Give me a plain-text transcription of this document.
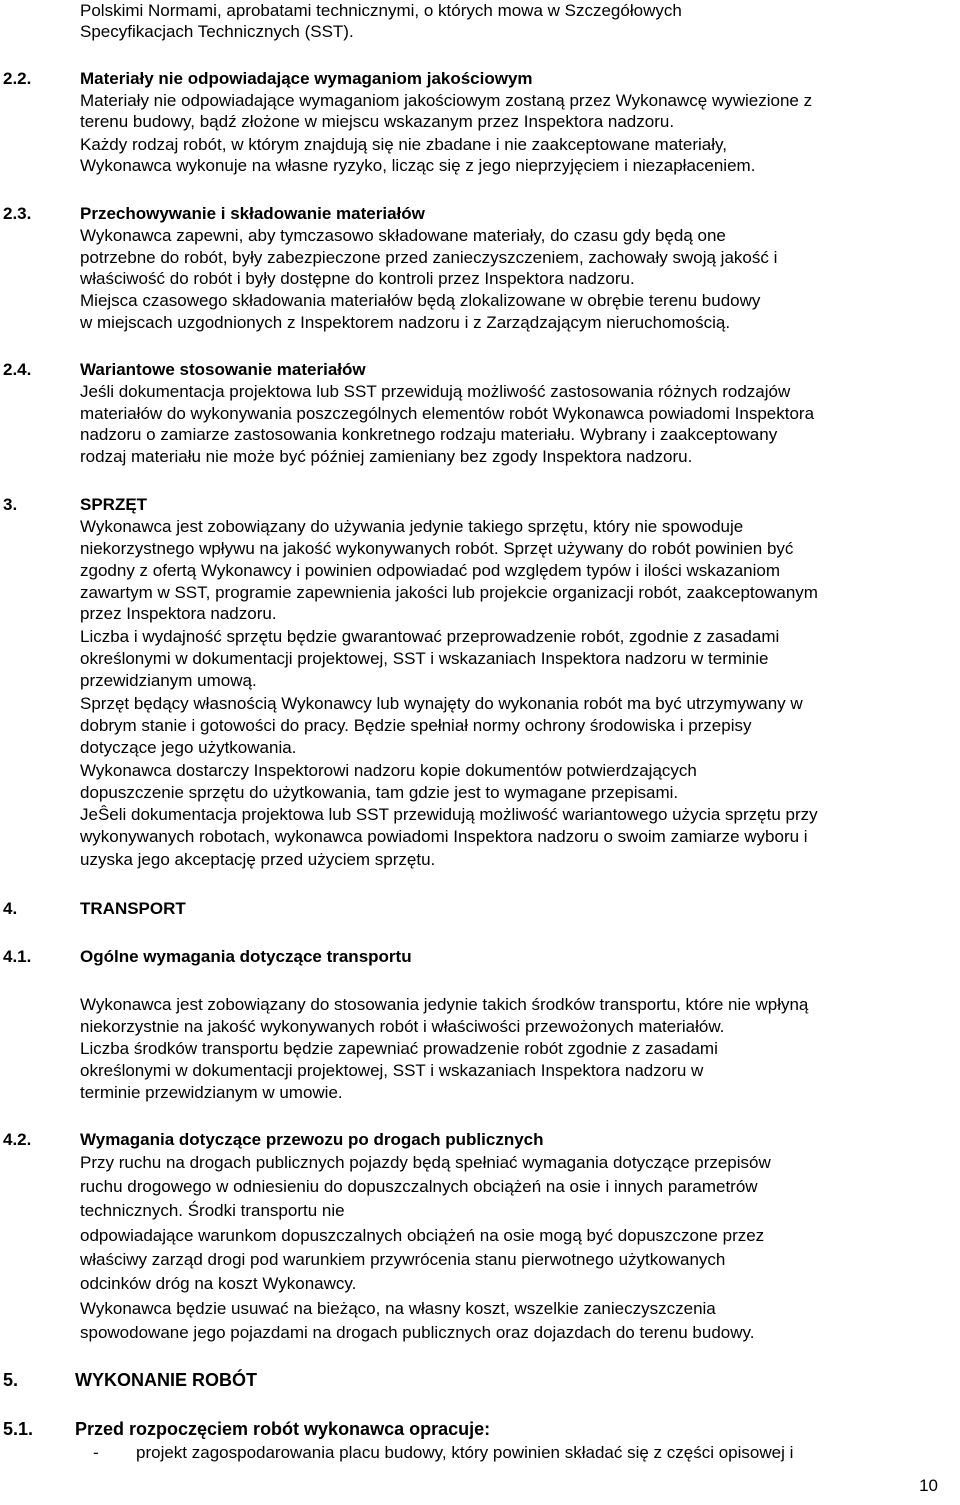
Polskimi Normami, aprobatami technicznymi, o których mowa w Szczegółowych
Specyfikacjach Technicznych (SST).
2.2.	Materiały nie odpowiadające wymaganiom jakościowym
Materiały nie odpowiadające wymaganiom jakościowym zostaną przez Wykonawcę wywiezione z
terenu budowy, bądź złożone w miejscu wskazanym przez Inspektora nadzoru.
Każdy rodzaj robót, w którym znajdują się nie zbadane i nie zaakceptowane materiały,
Wykonawca wykonuje na własne ryzyko, licząc się z jego nieprzyjęciem i niezapłaceniem.
2.3.	Przechowywanie i składowanie materiałów
Wykonawca zapewni, aby tymczasowo składowane materiały, do czasu gdy będą one
potrzebne do robót, były zabezpieczone przed zanieczyszczeniem, zachowały swoją jakość i
właściwość do robót i były dostępne do kontroli przez Inspektora nadzoru.
Miejsca czasowego składowania materiałów będą zlokalizowane w obrębie terenu budowy
w miejscach uzgodnionych z Inspektorem nadzoru i z Zarządzającym nieruchomością.
2.4.	Wariantowe stosowanie materiałów
Jeśli dokumentacja projektowa lub SST przewidują możliwość zastosowania różnych rodzajów
materiałów do wykonywania poszczególnych elementów robót Wykonawca powiadomi Inspektora
nadzoru o zamiarze zastosowania konkretnego rodzaju materiału. Wybrany i zaakceptowany
rodzaj materiału nie może być później zamieniany bez zgody Inspektora nadzoru.
3.	SPRZĘT
Wykonawca jest zobowiązany do używania jedynie takiego sprzętu, który nie spowoduje
niekorzystnego wpływu na jakość wykonywanych robót. Sprzęt używany do robót powinien być
zgodny z ofertą Wykonawcy i powinien odpowiadać pod względem typów i ilości wskazaniom
zawartym w SST, programie zapewnienia jakości lub projekcie organizacji robót, zaakceptowanym
przez Inspektora nadzoru.
Liczba i wydajność sprzętu będzie gwarantować przeprowadzenie robót, zgodnie z zasadami
określonymi w dokumentacji projektowej, SST i wskazaniach Inspektora nadzoru w terminie
przewidzianym umową.
Sprzęt będący własnością Wykonawcy lub wynajęty do wykonania robót ma być utrzymywany w
dobrym stanie i gotowości do pracy. Będzie spełniał normy ochrony środowiska i przepisy
dotyczące jego użytkowania.
Wykonawca dostarczy Inspektorowi nadzoru kopie dokumentów potwierdzających
dopuszczenie sprzętu do użytkowania, tam gdzie jest to wymagane przepisami.
JeŜeli dokumentacja projektowa lub SST przewidują możliwość wariantowego użycia sprzętu przy
wykonywanych robotach, wykonawca powiadomi Inspektora nadzoru o swoim zamiarze wyboru i
uzyska jego akceptację przed użyciem sprzętu.
4.	TRANSPORT
4.1.	Ogólne wymagania dotyczące transportu
Wykonawca jest zobowiązany do stosowania jedynie takich środków transportu, które nie wpłyną
niekorzystnie na jakość wykonywanych robót i właściwości przewożonych materiałów.
Liczba środków transportu będzie zapewniać prowadzenie robót zgodnie z zasadami
określonymi w dokumentacji projektowej, SST i wskazaniach Inspektora nadzoru w
terminie przewidzianym w umowie.
4.2.	Wymagania dotyczące przewozu po drogach publicznych
Przy ruchu na drogach publicznych pojazdy będą spełniać wymagania dotyczące przepisów
ruchu drogowego w odniesieniu do dopuszczalnych obciążeń na osie i innych parametrów
technicznych. Środki transportu nie
odpowiadające warunkom dopuszczalnych obciążeń na osie mogą być dopuszczone przez
właściwy zarząd drogi pod warunkiem przywrócenia stanu pierwotnego użytkowanych
odcinków dróg na koszt Wykonawcy.
Wykonawca będzie usuwać na bieżąco, na własny koszt, wszelkie zanieczyszczenia
spowodowane jego pojazdami na drogach publicznych oraz dojazdach do terenu budowy.
5.	WYKONANIE ROBÓT
5.1. Przed rozpoczęciem robót wykonawca opracuje:
- projekt zagospodarowania placu budowy, który powinien składać się z części opisowej i
10
